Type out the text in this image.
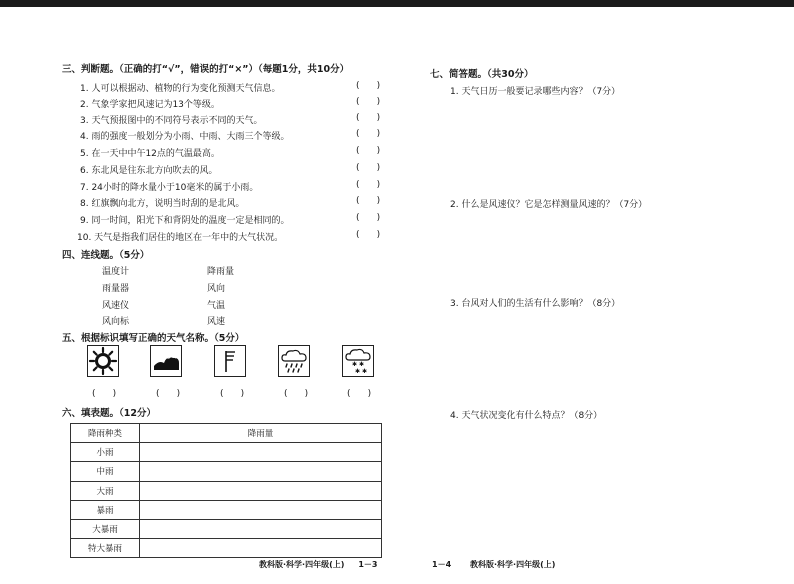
三、判断题。（正确的打“√”，错误的打“×”）（每题1分，共10分）
1. 人可以根据动、植物的行为变化预测天气信息。	(      )
2. 气象学家把风速记为13个等级。	(      )
3. 天气预报图中的不同符号表示不同的天气。	(      )
4. 雨的强度一般划分为小雨、中雨、大雨三个等级。	(      )
5. 在一天中中午12点的气温最高。	(      )
6. 东北风是往东北方向吹去的风。	(      )
7. 24小时的降水量小于10毫米的属于小雨。	(      )
8. 红旗飘向北方，说明当时刮的是北风。	(      )
9. 同一时间，阳光下和背阴处的温度一定是相同的。	(      )
10. 天气是指我们居住的地区在一年中的大气状况。	(      )
四、连线题。（5分）
温度计	降雨量
雨量器	风向
风速仪	气温
风向标	风速
五、根据标识填写正确的天气名称。（5分）
✱ ✱
✱ ✱
(      )	(      )	(      )	(      )	(      )
六、填表题。（12分）
降雨种类	降雨量
小雨	
中雨	
大雨	
暴雨	
大暴雨	
特大暴雨	
教科版·科学·四年级(上)     1－3
七、简答题。（共30分）
1. 天气日历一般要记录哪些内容？（7分）
2. 什么是风速仪？它是怎样测量风速的？（7分）
3. 台风对人们的生活有什么影响？（8分）
4. 天气状况变化有什么特点？（8分）
1－4 教科版·科学·四年级(上)
